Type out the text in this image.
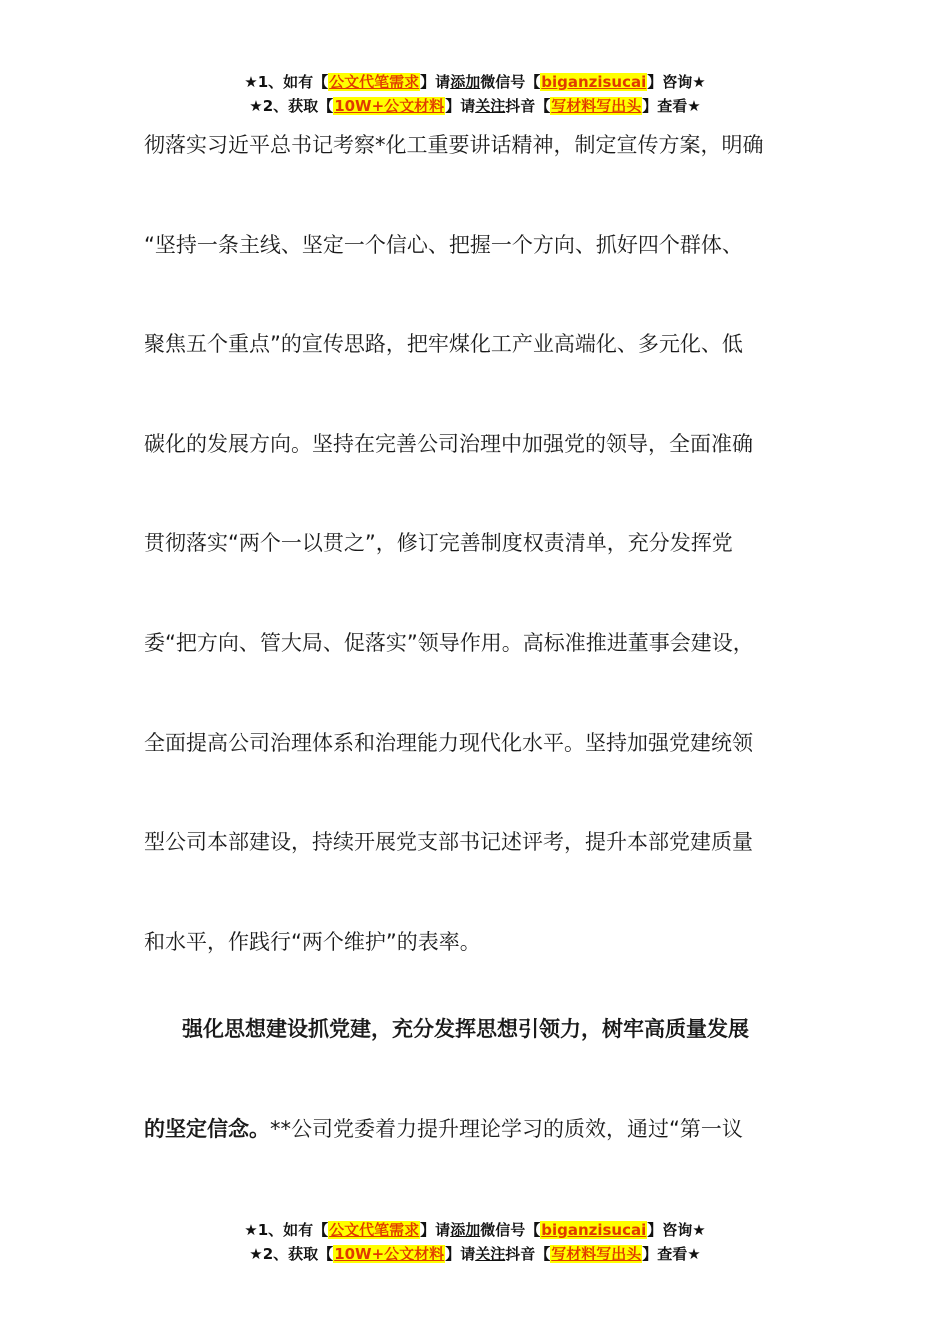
★1、如有【公文代笔需求】请添加微信号【biganzisucai】咨询★
★2、获取【10W+公文材料】请关注抖音【写材料写出头】查看★

彻落实习近平总书记考察*化工重要讲话精神，制定宣传方案，明确

“坚持一条主线、坚定一个信心、把握一个方向、抓好四个群体、

聚焦五个重点”的宣传思路，把牢煤化工产业高端化、多元化、低

碳化的发展方向。坚持在完善公司治理中加强党的领导，全面准确

贯彻落实“两个一以贯之”，修订完善制度权责清单，充分发挥党

委“把方向、管大局、促落实”领导作用。高标准推进董事会建设，

全面提高公司治理体系和治理能力现代化水平。坚持加强党建统领

型公司本部建设，持续开展党支部书记述评考，提升本部党建质量

和水平，作践行“两个维护”的表率。

强化思想建设抓党建，充分发挥思想引领力，树牢高质量发展

的坚定信念。**公司党委着力提升理论学习的质效，通过“第一议

★1、如有【公文代笔需求】请添加微信号【biganzisucai】咨询★
★2、获取【10W+公文材料】请关注抖音【写材料写出头】查看★
